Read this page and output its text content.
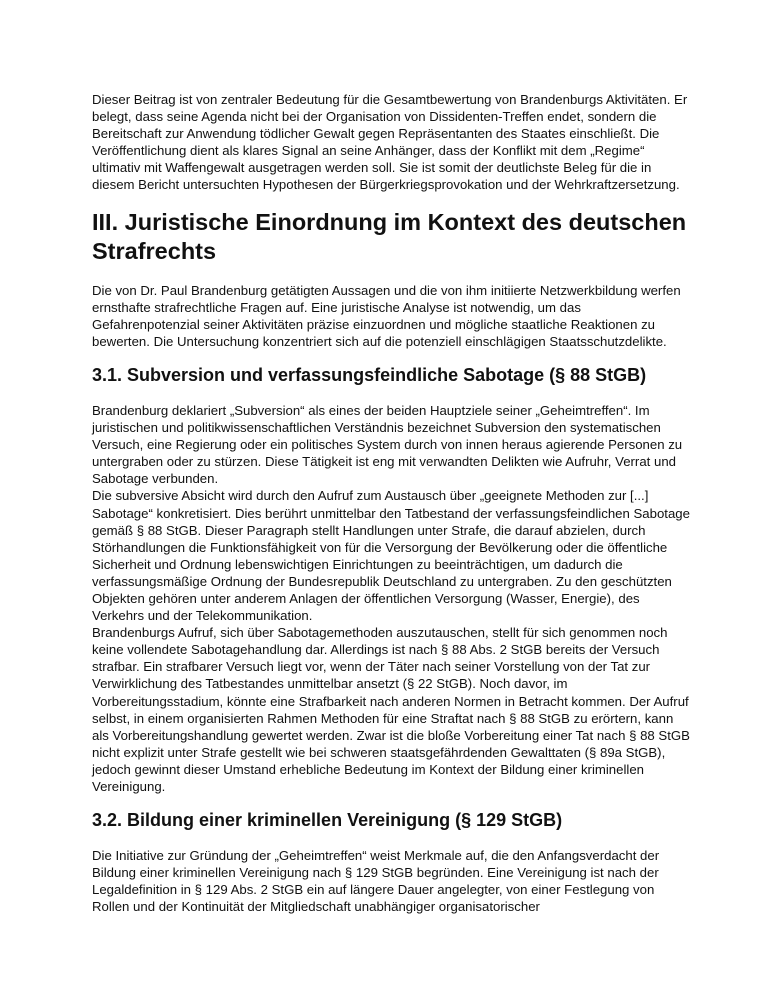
Dieser Beitrag ist von zentraler Bedeutung für die Gesamtbewertung von Brandenburgs Aktivitäten. Er belegt, dass seine Agenda nicht bei der Organisation von Dissidenten-Treffen endet, sondern die Bereitschaft zur Anwendung tödlicher Gewalt gegen Repräsentanten des Staates einschließt. Die Veröffentlichung dient als klares Signal an seine Anhänger, dass der Konflikt mit dem „Regime“ ultimativ mit Waffengewalt ausgetragen werden soll. Sie ist somit der deutlichste Beleg für die in diesem Bericht untersuchten Hypothesen der Bürgerkriegsprovokation und der Wehrkraftzersetzung.

III. Juristische Einordnung im Kontext des deutschen Strafrechts

Die von Dr. Paul Brandenburg getätigten Aussagen und die von ihm initiierte Netzwerkbildung werfen ernsthafte strafrechtliche Fragen auf. Eine juristische Analyse ist notwendig, um das Gefahrenpotenzial seiner Aktivitäten präzise einzuordnen und mögliche staatliche Reaktionen zu bewerten. Die Untersuchung konzentriert sich auf die potenziell einschlägigen Staatsschutzdelikte.

3.1. Subversion und verfassungsfeindliche Sabotage (§ 88 StGB)

Brandenburg deklariert „Subversion“ als eines der beiden Hauptziele seiner „Geheimtreffen“. Im juristischen und politikwissenschaftlichen Verständnis bezeichnet Subversion den systematischen Versuch, eine Regierung oder ein politisches System durch von innen heraus agierende Personen zu untergraben oder zu stürzen. Diese Tätigkeit ist eng mit verwandten Delikten wie Aufruhr, Verrat und Sabotage verbunden.

Die subversive Absicht wird durch den Aufruf zum Austausch über „geeignete Methoden zur [...] Sabotage“ konkretisiert. Dies berührt unmittelbar den Tatbestand der verfassungsfeindlichen Sabotage gemäß § 88 StGB. Dieser Paragraph stellt Handlungen unter Strafe, die darauf abzielen, durch Störhandlungen die Funktionsfähigkeit von für die Versorgung der Bevölkerung oder die öffentliche Sicherheit und Ordnung lebenswichtigen Einrichtungen zu beeinträchtigen, um dadurch die verfassungsmäßige Ordnung der Bundesrepublik Deutschland zu untergraben. Zu den geschützten Objekten gehören unter anderem Anlagen der öffentlichen Versorgung (Wasser, Energie), des Verkehrs und der Telekommunikation.

Brandenburgs Aufruf, sich über Sabotagemethoden auszutauschen, stellt für sich genommen noch keine vollendete Sabotagehandlung dar. Allerdings ist nach § 88 Abs. 2 StGB bereits der Versuch strafbar. Ein strafbarer Versuch liegt vor, wenn der Täter nach seiner Vorstellung von der Tat zur Verwirklichung des Tatbestandes unmittelbar ansetzt (§ 22 StGB). Noch davor, im Vorbereitungsstadium, könnte eine Strafbarkeit nach anderen Normen in Betracht kommen. Der Aufruf selbst, in einem organisierten Rahmen Methoden für eine Straftat nach § 88 StGB zu erörtern, kann als Vorbereitungshandlung gewertet werden. Zwar ist die bloße Vorbereitung einer Tat nach § 88 StGB nicht explizit unter Strafe gestellt wie bei schweren staatsgefährdenden Gewalttaten (§ 89a StGB), jedoch gewinnt dieser Umstand erhebliche Bedeutung im Kontext der Bildung einer kriminellen Vereinigung.

3.2. Bildung einer kriminellen Vereinigung (§ 129 StGB)

Die Initiative zur Gründung der „Geheimtreffen“ weist Merkmale auf, die den Anfangsverdacht der Bildung einer kriminellen Vereinigung nach § 129 StGB begründen. Eine Vereinigung ist nach der Legaldefinition in § 129 Abs. 2 StGB ein auf längere Dauer angelegter, von einer Festlegung von Rollen und der Kontinuität der Mitgliedschaft unabhängiger organisatorischer
